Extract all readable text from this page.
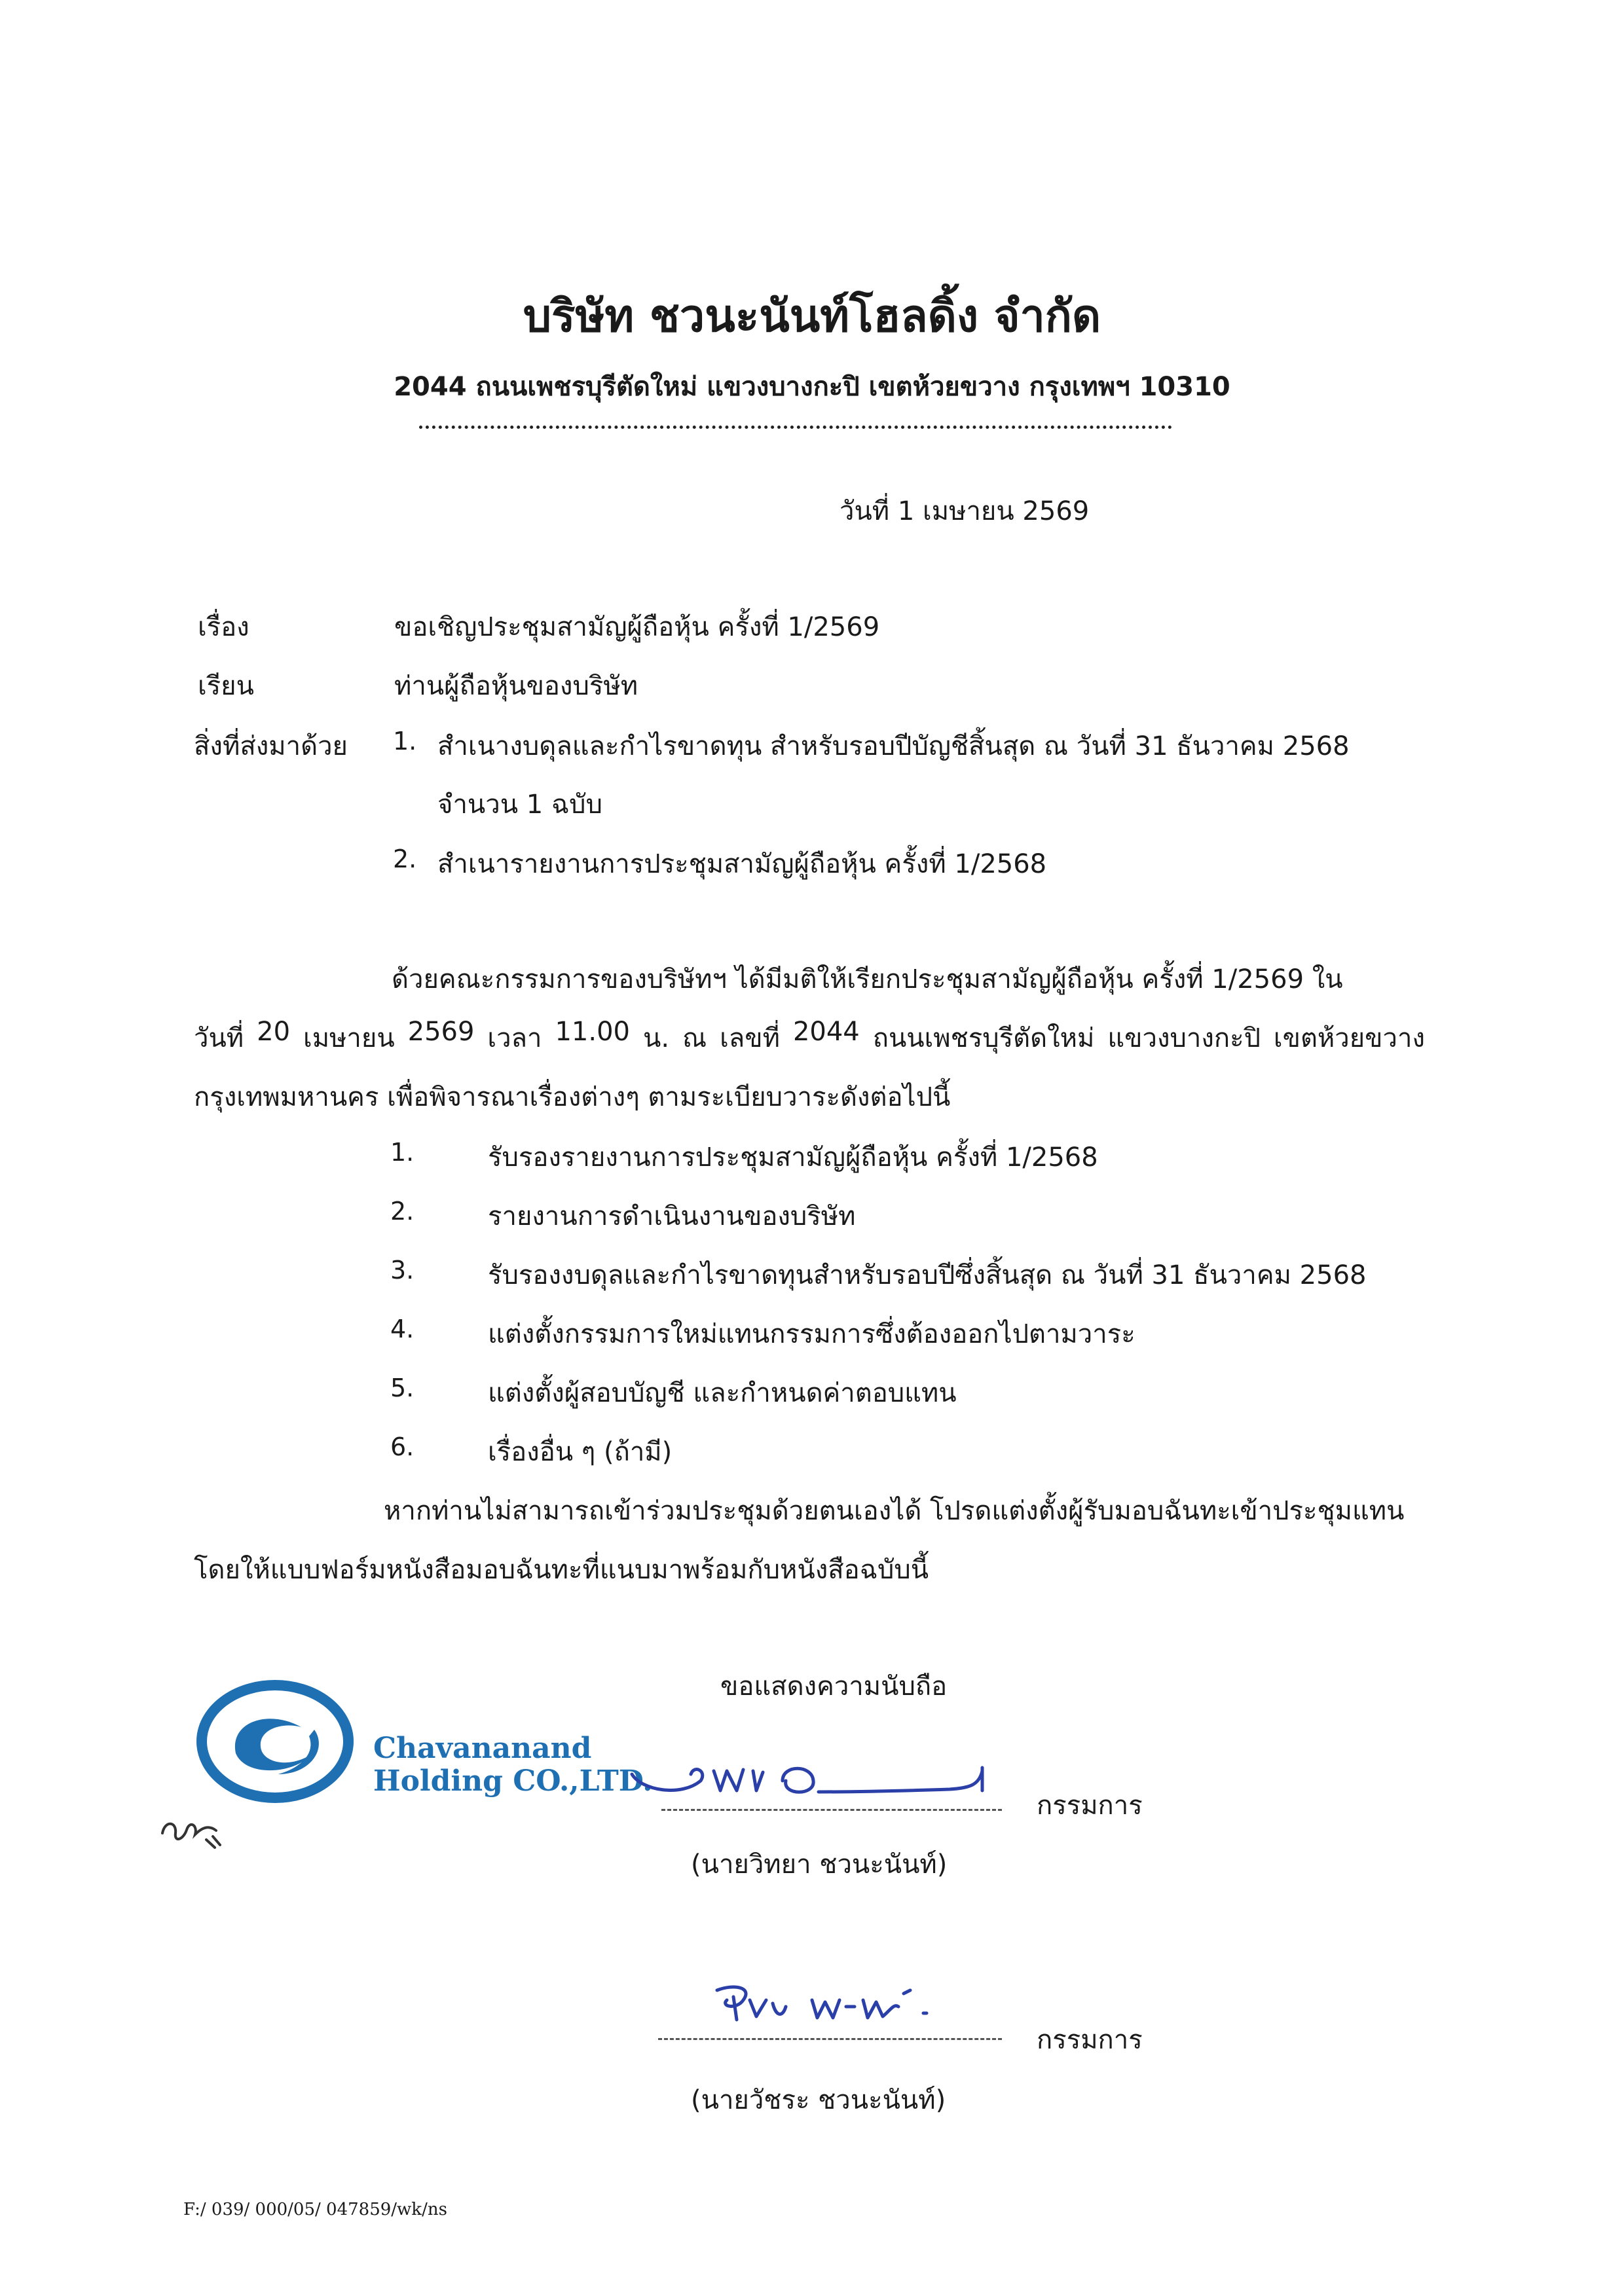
บริษัท ชวนะนันท์โฮลดิ้ง จำกัด
2044 ถนนเพชรบุรีตัดใหม่ แขวงบางกะปิ เขตห้วยขวาง กรุงเทพฯ 10310
วันที่ 1 เมษายน 2569
เรื่อง	ขอเชิญประชุมสามัญผู้ถือหุ้น ครั้งที่ 1/2569
เรียน	ท่านผู้ถือหุ้นของบริษัท
สิ่งที่ส่งมาด้วย 1. สำเนางบดุลและกำไรขาดทุน สำหรับรอบปีบัญชีสิ้นสุด ณ วันที่ 31 ธันวาคม 2568
จำนวน 1 ฉบับ
2. สำเนารายงานการประชุมสามัญผู้ถือหุ้น ครั้งที่ 1/2568
ด้วยคณะกรรมการของบริษัทฯ ได้มีมติให้เรียกประชุมสามัญผู้ถือหุ้น ครั้งที่ 1/2569 ใน
วันที่ 20 เมษายน 2569 เวลา 11.00 น. ณ เลขที่ 2044 ถนนเพชรบุรีตัดใหม่ แขวงบางกะปิ เขตห้วยขวาง
กรุงเทพมหานคร เพื่อพิจารณาเรื่องต่างๆ ตามระเบียบวาระดังต่อไปนี้
1.	รับรองรายงานการประชุมสามัญผู้ถือหุ้น ครั้งที่ 1/2568
2.	รายงานการดำเนินงานของบริษัท
3.	รับรองงบดุลและกำไรขาดทุนสำหรับรอบปีซึ่งสิ้นสุด ณ วันที่ 31 ธันวาคม 2568
4.	แต่งตั้งกรรมการใหม่แทนกรรมการซึ่งต้องออกไปตามวาระ
5.	แต่งตั้งผู้สอบบัญชี และกำหนดค่าตอบแทน
6.	เรื่องอื่น ๆ (ถ้ามี)
หากท่านไม่สามารถเข้าร่วมประชุมด้วยตนเองได้ โปรดแต่งตั้งผู้รับมอบฉันทะเข้าประชุมแทน
โดยให้แบบฟอร์มหนังสือมอบฉันทะที่แนบมาพร้อมกับหนังสือฉบับนี้
ขอแสดงความนับถือ
Chavananand
Holding CO.,LTD.
กรรมการ
(นายวิทยา ชวนะนันท์)
กรรมการ
(นายวัชระ ชวนะนันท์)
F:/ 039/ 000/05/ 047859/wk/ns
